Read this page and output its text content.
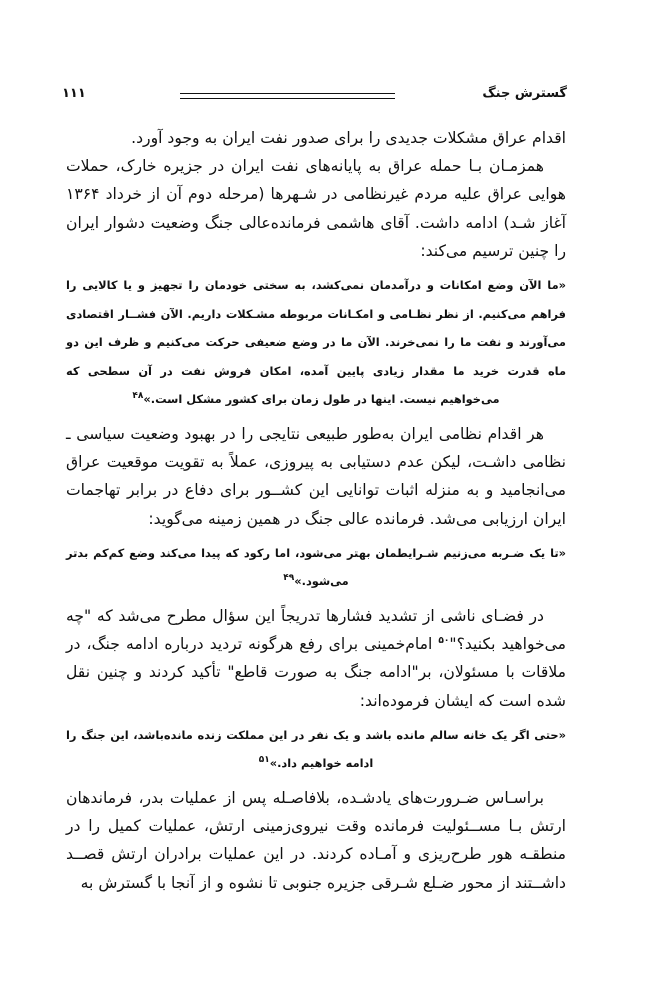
گسترش جنگ
۱۱۱

اقدام عراق مشکلات جدیدی را برای صدور نفت ایران به وجود آورد.

همزمـان بـا حمله عراق به پایانه‌های نفت ایران در جزیره خارک، حملات هوایی عراق علیه مردم غیرنظامی در شـهرها (مرحله دوم آن از خرداد ۱۳۶۴ آغاز شـد) ادامه داشت. آقای هاشمی فرمانده‌عالی جنگ وضعیت دشوار ایران را چنین ترسیم می‌کند:

«ما الآن وضع امکانات و درآمدمان نمی‌کشد، به سختی خودمان را تجهیز و یا کالایی را فراهم می‌کنیم. از نظر نظـامی و امکـانات مربوطه مشـکلات داریم. الآن فشــار اقتصادی می‌آورند و نفت ما را نمی‌خرند. الآن ما در وضع ضعیفی حرکت می‌کنیم و ظرف این دو ماه قدرت خرید ما مقدار زیادی پایین آمده، امکان فروش نفت در آن سطحی که می‌خواهیم نیست. اینها در طول زمان برای کشور مشکل است.»$^{۴۸}$

هر اقدام نظامی ایران به‌طور طبیعی نتایجی را در بهبود وضعیت سیاسی ـ نظامی داشـت، لیکن عدم دستیابی به پیروزی، عملاً به تقویت موقعیت عراق می‌انجامید و به منزله اثبات توانایی این کشــور برای دفاع در برابر تهاجمات ایران ارزیابی می‌شد. فرمانده عالی جنگ در همین زمینه می‌گوید:

«تا یک ضـربه می‌زنیم شـرایطمان بهتر می‌شود، اما رکود که پیدا می‌کند وضع کم‌کم بدتر می‌شود.»$^{۴۹}$

در فضـای ناشی از تشدید فشارها تدریجاً این سؤال مطرح می‌شد که "چه می‌خواهید بکنید؟"$^{۵۰}$ امام‌خمینی برای رفع هرگونه تردید درباره ادامه جنگ، در ملاقات با مسئولان، بر"ادامه جنگ به صورت قاطع" تأکید کردند و چنین نقل شده است که ایشان فرموده‌اند:

«حتی اگر یک خانه سالم مانده باشد و یک نفر در این مملکت زنده مانده‌باشد، این جنگ را ادامه خواهیم داد.»$^{۵۱}$

براسـاس ضـرورت‌های یادشـده، بلافاصـله پس از عملیات بدر، فرماندهان ارتش بـا مســئولیت فرمانده وقت نیروی‌زمینی ارتش، عملیات کمیل را در منطقـه هور طرح‌ریزی و آمـاده کردند. در این عملیات برادران ارتش قصــد داشــتند از محور ضـلع شـرقی جزیره جنوبی تا نشوه و از آنجا با گسترش به
